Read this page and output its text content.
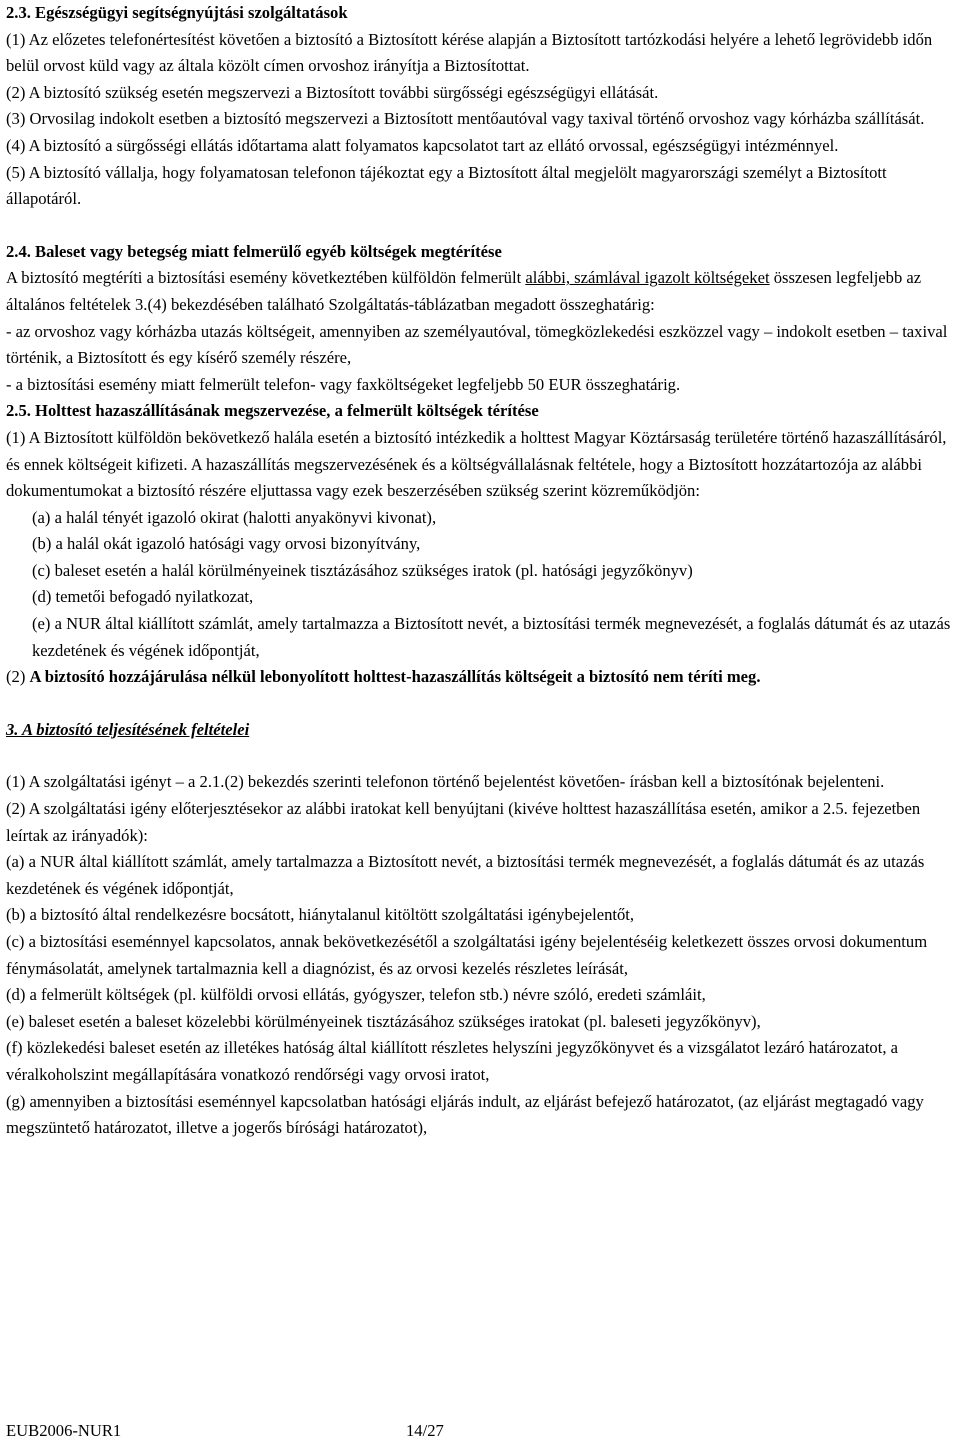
2.3. Egészségügyi segítségnyújtási szolgáltatások

(1) Az előzetes telefonértesítést követően a biztosító a Biztosított kérése alapján a Biztosított tartózkodási helyére a lehető legrövidebb időn belül orvost küld vagy az általa közölt címen orvoshoz irányítja a Biztosítottat.

(2) A biztosító szükség esetén megszervezi a Biztosított további sürgősségi egészségügyi ellátását.

(3) Orvosilag indokolt esetben a biztosító megszervezi a Biztosított mentőautóval vagy taxival történő orvoshoz vagy kórházba szállítását.

(4) A biztosító a sürgősségi ellátás időtartama alatt folyamatos kapcsolatot tart az ellátó orvossal, egészségügyi intézménnyel.

(5) A biztosító vállalja, hogy folyamatosan telefonon tájékoztat egy a Biztosított által megjelölt magyarországi személyt a Biztosított állapotáról.

2.4. Baleset vagy betegség miatt felmerülő egyéb költségek megtérítése

A biztosító megtéríti a biztosítási esemény következtében külföldön felmerült alábbi, számlával igazolt költségeket összesen legfeljebb az általános feltételek 3.(4) bekezdésében található Szolgáltatás-táblázatban megadott összeghatárig:

- az orvoshoz vagy kórházba utazás költségeit, amennyiben az személyautóval, tömegközlekedési eszközzel vagy – indokolt esetben – taxival történik, a Biztosított és egy kísérő személy részére,

- a biztosítási esemény miatt felmerült telefon- vagy faxköltségeket legfeljebb 50 EUR összeghatárig.

2.5. Holttest hazaszállításának megszervezése, a felmerült költségek térítése

(1) A Biztosított külföldön bekövetkező halála esetén a biztosító intézkedik a holttest Magyar Köztársaság területére történő hazaszállításáról, és ennek költségeit kifizeti. A hazaszállítás megszervezésének és a költségvállalásnak feltétele, hogy a Biztosított hozzátartozója az alábbi dokumentumokat a biztosító részére eljuttassa vagy ezek beszerzésében szükség szerint közreműködjön:

(a) a halál tényét igazoló okirat (halotti anyakönyvi kivonat),

(b) a halál okát igazoló hatósági vagy orvosi bizonyítvány,

(c) baleset esetén a halál körülményeinek tisztázásához szükséges iratok (pl. hatósági jegyzőkönyv)

(d) temetői befogadó nyilatkozat,

(e) a NUR által kiállított számlát, amely tartalmazza a Biztosított nevét, a biztosítási termék megnevezését, a foglalás dátumát és az utazás kezdetének és végének időpontját,

(2) A biztosító hozzájárulása nélkül lebonyolított holttest-hazaszállítás költségeit a biztosító nem téríti meg.

3. A biztosító teljesítésének feltételei

(1) A szolgáltatási igényt – a 2.1.(2) bekezdés szerinti telefonon történő bejelentést követően- írásban kell a biztosítónak bejelenteni.

(2) A szolgáltatási igény előterjesztésekor az alábbi iratokat kell benyújtani (kivéve holttest hazaszállítása esetén, amikor a 2.5. fejezetben leírtak az irányadók):

(a) a NUR által kiállított számlát, amely tartalmazza a Biztosított nevét, a biztosítási termék megnevezését, a foglalás dátumát és az utazás kezdetének és végének időpontját,

(b) a biztosító által rendelkezésre bocsátott, hiánytalanul kitöltött szolgáltatási igénybejelentőt,

(c) a biztosítási eseménnyel kapcsolatos, annak bekövetkezésétől a szolgáltatási igény bejelentéséig keletkezett összes orvosi dokumentum fénymásolatát, amelynek tartalmaznia kell a diagnózist, és az orvosi kezelés részletes leírását,

(d) a felmerült költségek (pl. külföldi orvosi ellátás, gyógyszer, telefon stb.) névre szóló, eredeti számláit,

(e) baleset esetén a baleset közelebbi körülményeinek tisztázásához szükséges iratokat (pl. baleseti jegyzőkönyv),

(f) közlekedési baleset esetén az illetékes hatóság által kiállított részletes helyszíni jegyzőkönyvet és a vizsgálatot lezáró határozatot, a véralkoholszint megállapítására vonatkozó rendőrségi vagy orvosi iratot,

(g) amennyiben a biztosítási eseménnyel kapcsolatban hatósági eljárás indult, az eljárást befejező határozatot, (az eljárást megtagadó vagy megszüntető határozatot, illetve a jogerős bírósági határozatot),

EUB2006-NUR1	14/27
